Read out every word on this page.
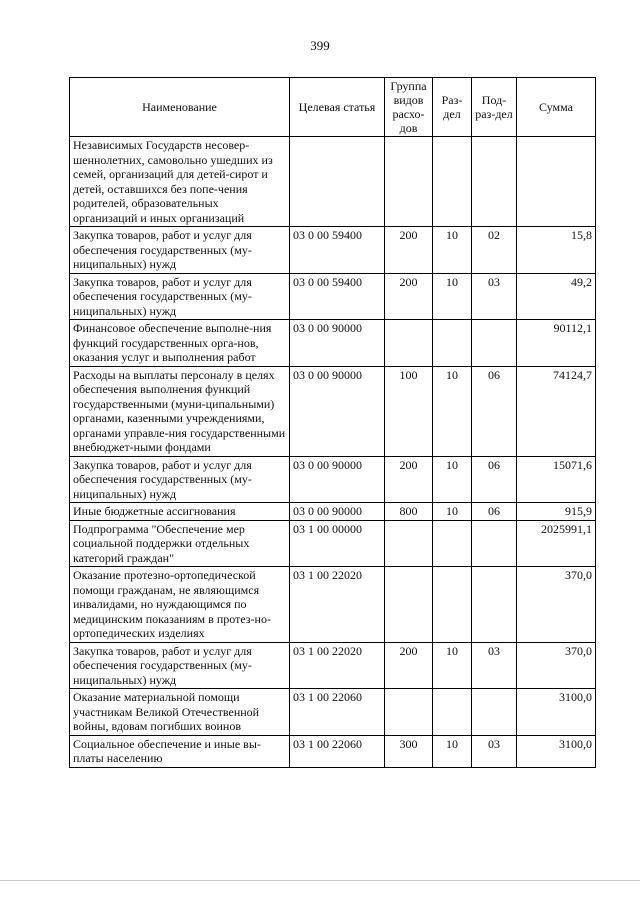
399
Наименование	Целевая статья	Группа видов расхо-дов	Раз-дел	Под-раз-дел	Сумма
Независимых Государств несовер-шеннолетних, самовольно ушедших из семей, организаций для детей-сирот и детей, оставшихся без попе-чения родителей, образовательных организаций и иных организаций					
Закупка товаров, работ и услуг для обеспечения государственных (му-ниципальных) нужд	03 0 00 59400	200	10	02	15,8
Закупка товаров, работ и услуг для обеспечения государственных (му-ниципальных) нужд	03 0 00 59400	200	10	03	49,2
Финансовое обеспечение выполне-ния функций государственных орга-нов, оказания услуг и выполнения работ	03 0 00 90000				90112,1
Расходы на выплаты персоналу в целях обеспечения выполнения функций государственными (муни-ципальными) органами, казенными учреждениями, органами управле-ния государственными внебюджет-ными фондами	03 0 00 90000	100	10	06	74124,7
Закупка товаров, работ и услуг для обеспечения государственных (му-ниципальных) нужд	03 0 00 90000	200	10	06	15071,6
Иные бюджетные ассигнования	03 0 00 90000	800	10	06	915,9
Подпрограмма "Обеспечение мер социальной поддержки отдельных категорий граждан"	03 1 00 00000				2025991,1
Оказание протезно-ортопедической помощи гражданам, не являющимся инвалидами, но нуждающимся по медицинским показаниям в протез-но-ортопедических изделиях	03 1 00 22020				370,0
Закупка товаров, работ и услуг для обеспечения государственных (му-ниципальных) нужд	03 1 00 22020	200	10	03	370,0
Оказание материальной помощи участникам Великой Отечественной войны, вдовам погибших воинов	03 1 00 22060				3100,0
Социальное обеспечение и иные вы-платы населению	03 1 00 22060	300	10	03	3100,0
